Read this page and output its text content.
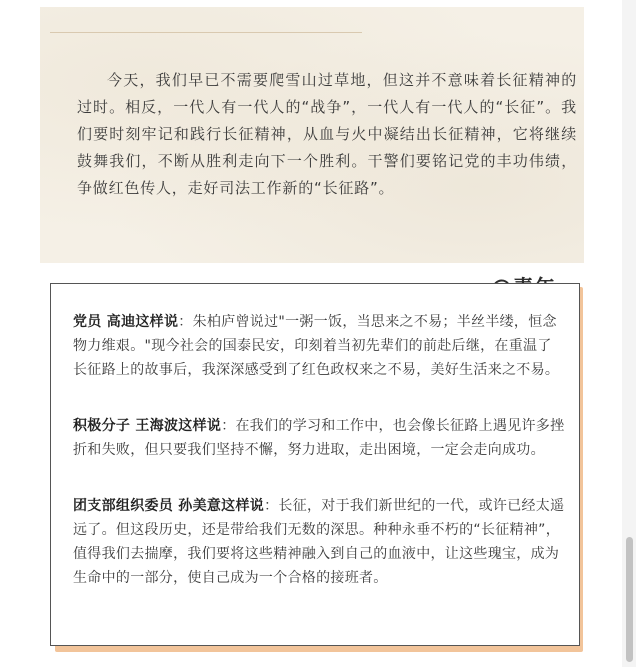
今天，我们早已不需要爬雪山过草地，但这并不意味着长征精神的过时。相反，一代人有一代人的“战争”，一代人有一代人的“长征”。我们要时刻牢记和践行长征精神，从血与火中凝结出长征精神，它将继续鼓舞我们，不断从胜利走向下一个胜利。干警们要铭记党的丰功伟绩，争做红色传人，走好司法工作新的“长征路”。

党员 高迪这样说：朱柏庐曾说过"一粥一饭，当思来之不易；半丝半缕，恒念物力维艰。"现今社会的国泰民安，印刻着当初先辈们的前赴后继，在重温了长征路上的故事后，我深深感受到了红色政权来之不易，美好生活来之不易。

积极分子 王海波这样说：在我们的学习和工作中，也会像长征路上遇见许多挫折和失败，但只要我们坚持不懈，努力进取，走出困境，一定会走向成功。

团支部组织委员 孙美意这样说：长征，对于我们新世纪的一代，或许已经太遥远了。但这段历史，还是带给我们无数的深思。种种永垂不朽的“长征精神”，值得我们去揣摩，我们要将这些精神融入到自己的血液中，让这些瑰宝，成为生命中的一部分，使自己成为一个合格的接班者。
